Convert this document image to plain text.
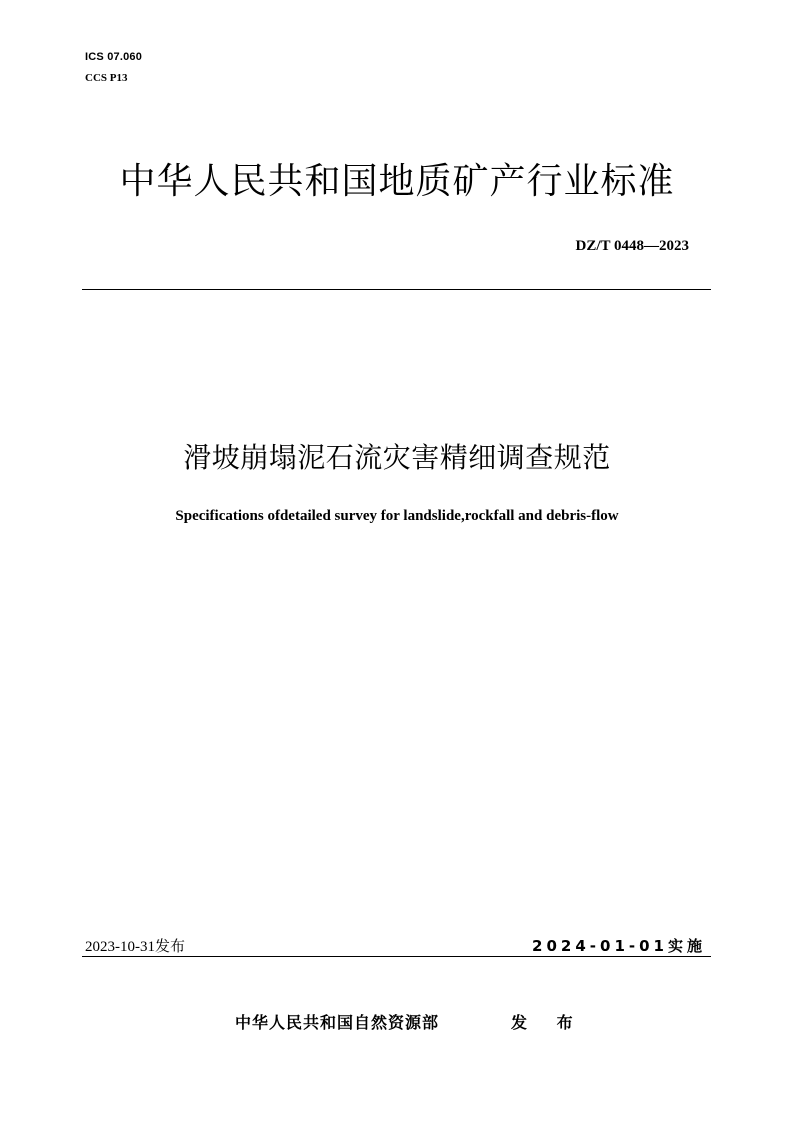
ICS 07.060
CCS P13
中华人民共和国地质矿产行业标准
DZ/T 0448—2023
滑坡崩塌泥石流灾害精细调查规范
Specifications ofdetailed survey for landslide,rockfall and debris-flow
2023-10-31发布	2024-01-01实施
中华人民共和国自然资源部	发 布
